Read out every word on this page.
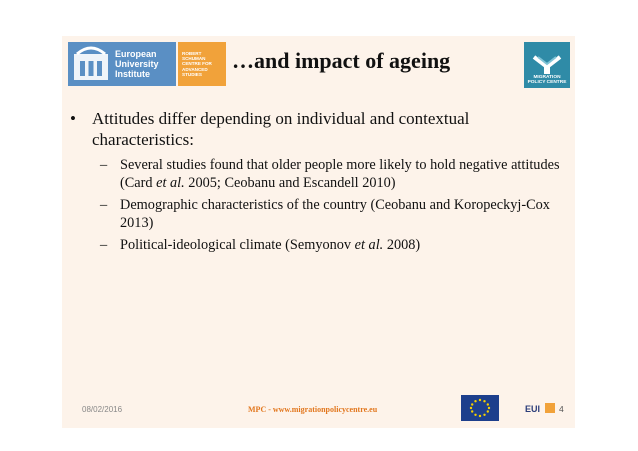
European
University
Institute
ROBERT
SCHUMAN
CENTRE FOR
ADVANCED
STUDIES
…and impact of ageing
MIGRATION
POLICY CENTRE
• Attitudes differ depending on individual and contextual characteristics:
– Several studies found that older people more likely to hold negative attitudes (Card et al. 2005; Ceobanu and Escandell 2010)
– Demographic characteristics of the country (Ceobanu and Koropeckyj-Cox 2013)
– Political-ideological climate (Semyonov et al. 2008)
08/02/2016	MPC - www.migrationpolicycentre.eu	EUI 4
